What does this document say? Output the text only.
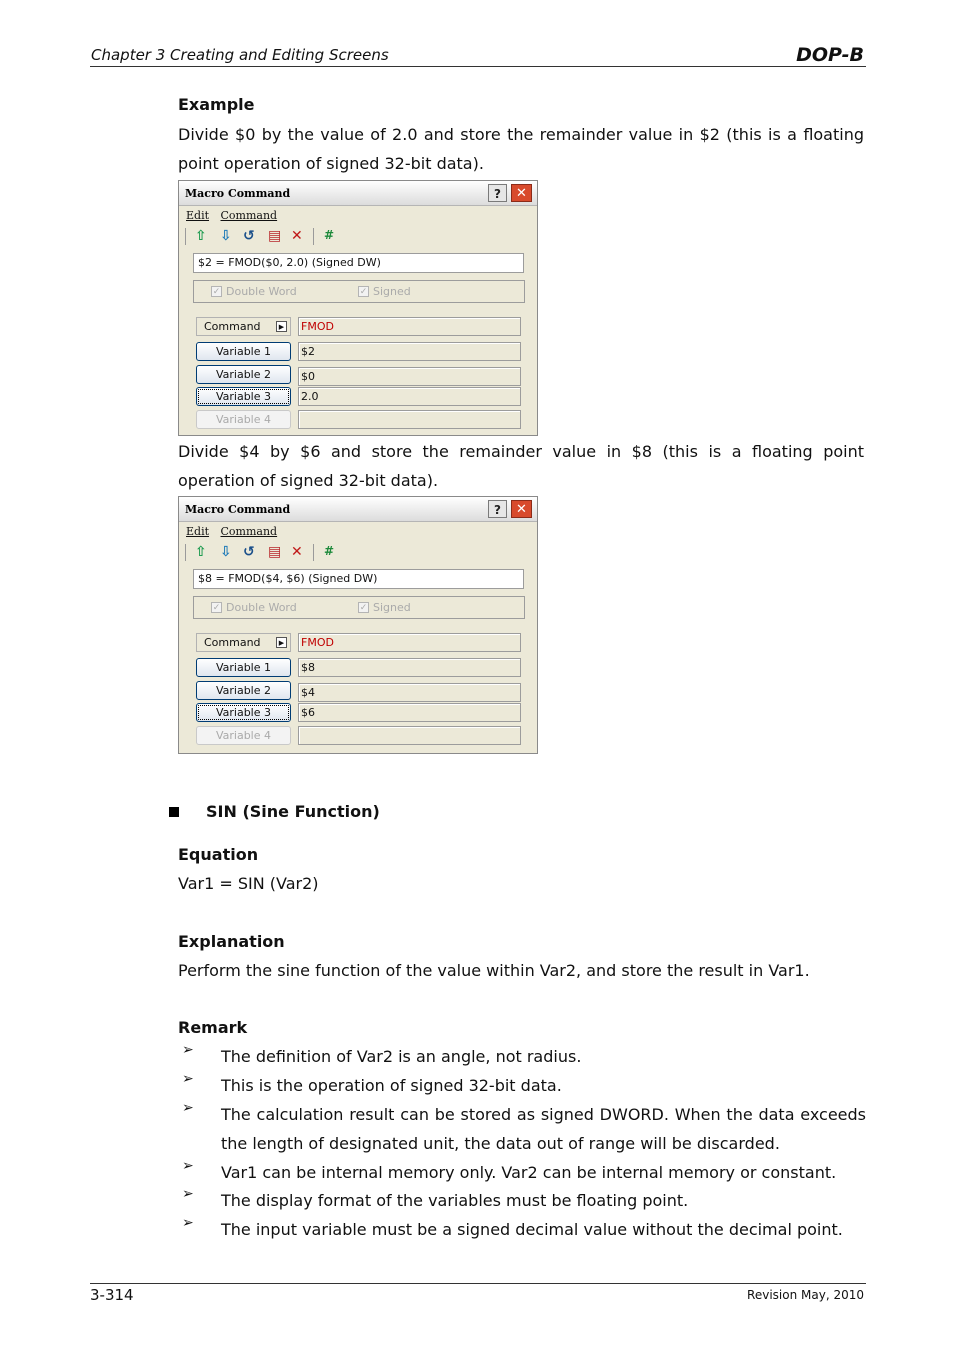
Chapter 3 Creating and Editing Screens	DOP-B
Example
Divide $0 by the value of 2.0 and store the remainder value in $2 (this is a floating point operation of signed 32-bit data).
Macro Command	?	✕
Edit Command
⇧ ⇩ ↺ ▤ ✕ #
$2 = FMOD($0, 2.0) (Signed DW)
✓ Double Word	✓ Signed
Command	▶ FMOD
Variable 1	$2
Variable 2	$0
Variable 3	2.0
Variable 4
Divide $4 by $6 and store the remainder value in $8 (this is a floating point operation of signed 32-bit data).
Macro Command	?	✕
Edit Command
⇧ ⇩ ↺ ▤ ✕ #
$8 = FMOD($4, $6) (Signed DW)
✓ Double Word	✓ Signed
Command	▶ FMOD
Variable 1	$8
Variable 2	$4
Variable 3	$6
Variable 4
SIN (Sine Function)
Equation
Var1 = SIN (Var2)
Explanation
Perform the sine function of the value within Var2, and store the result in Var1.
Remark
➢ The definition of Var2 is an angle, not radius.
➢ This is the operation of signed 32-bit data.
➢ The calculation result can be stored as signed DWORD. When the data exceeds the length of designated unit, the data out of range will be discarded.
➢ Var1 can be internal memory only. Var2 can be internal memory or constant.
➢ The display format of the variables must be floating point.
➢ The input variable must be a signed decimal value without the decimal point.
3-314	Revision May, 2010
